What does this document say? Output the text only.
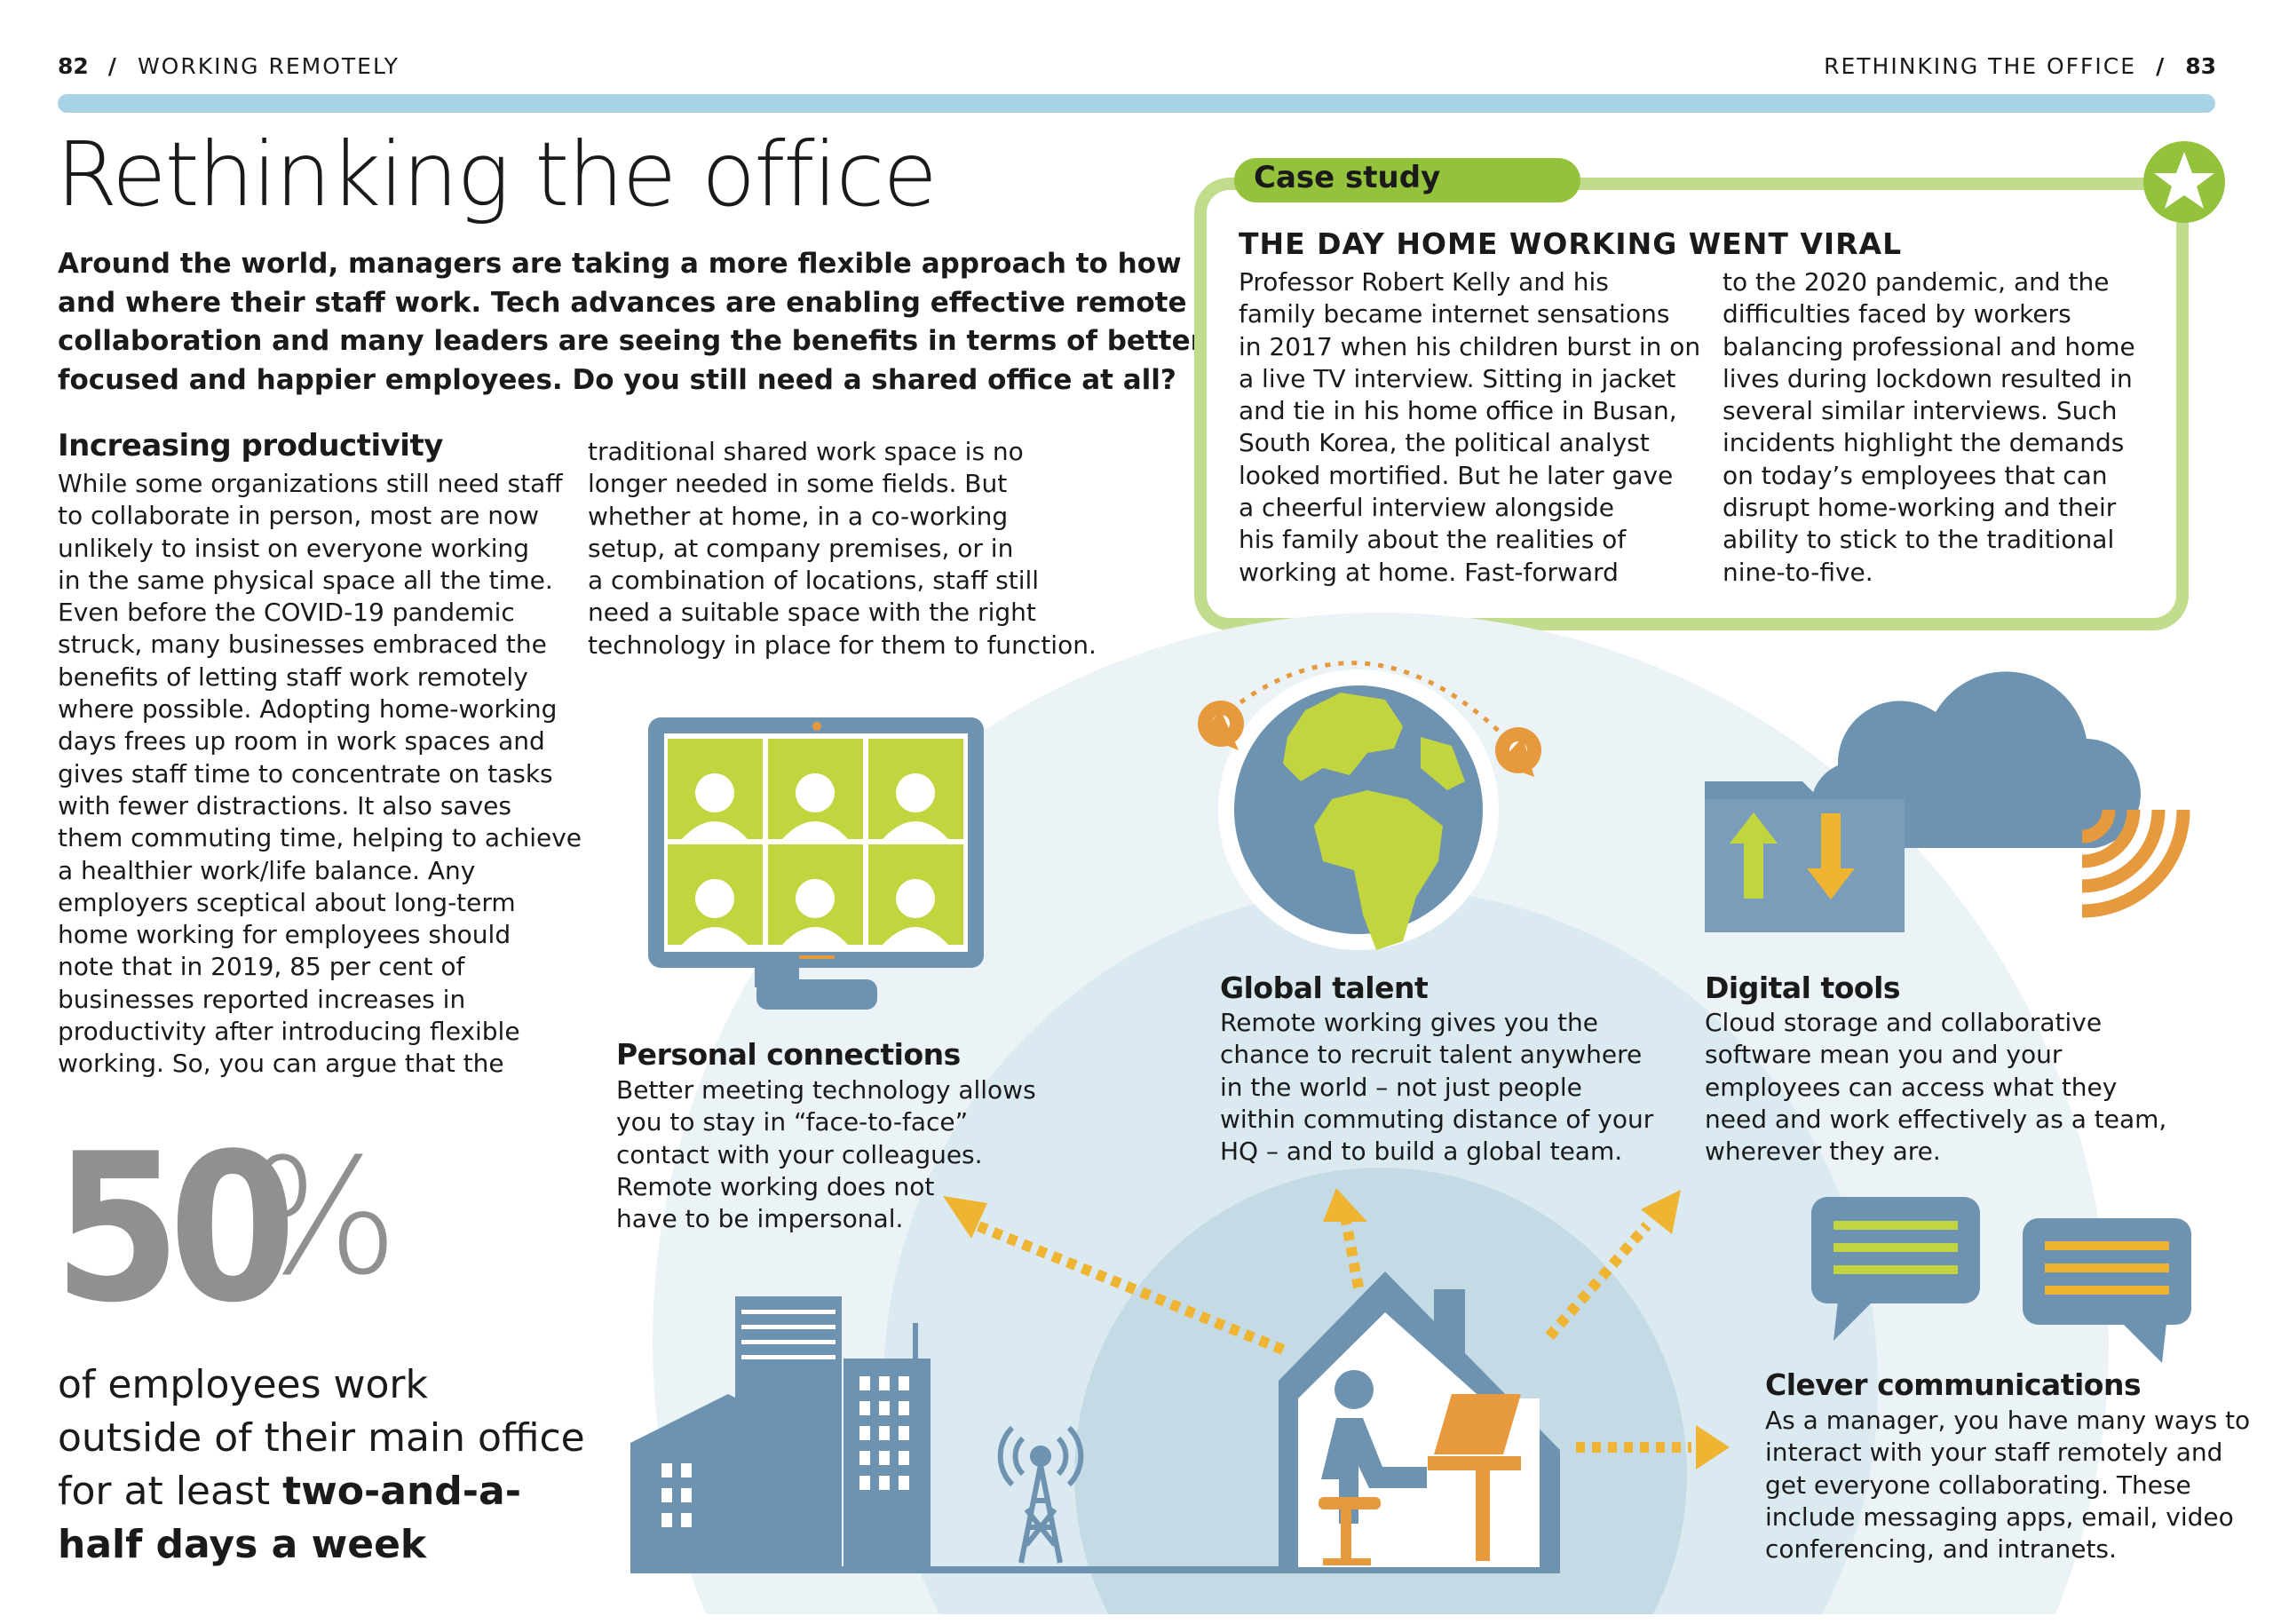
82 / WORKING REMOTELY	RETHINKING THE OFFICE / 83
Rethinking the office
Around the world, managers are taking a more flexible approach to how
and where their staff work. Tech advances are enabling effective remote
collaboration and many leaders are seeing the benefits in terms of better
focused and happier employees. Do you still need a shared office at all?
Increasing productivity
While some organizations still need staff
to collaborate in person, most are now
unlikely to insist on everyone working
in the same physical space all the time.
Even before the COVID-19 pandemic
struck, many businesses embraced the
benefits of letting staff work remotely
where possible. Adopting home-working
days frees up room in work spaces and
gives staff time to concentrate on tasks
with fewer distractions. It also saves
them commuting time, helping to achieve
a healthier work/life balance. Any
employers sceptical about long-term
home working for employees should
note that in 2019, 85 per cent of
businesses reported increases in
productivity after introducing flexible
working. So, you can argue that the
traditional shared work space is no
longer needed in some fields. But
whether at home, in a co-working
setup, at company premises, or in
a combination of locations, staff still
need a suitable space with the right
technology in place for them to function.
50
%
of employees work
outside of their main office
for at least two-and-a-
half days a week
Case study
THE DAY HOME WORKING WENT VIRAL
Professor Robert Kelly and his
family became internet sensations
in 2017 when his children burst in on
a live TV interview. Sitting in jacket
and tie in his home office in Busan,
South Korea, the political analyst
looked mortified. But he later gave
a cheerful interview alongside
his family about the realities of
working at home. Fast-forward
to the 2020 pandemic, and the
difficulties faced by workers
balancing professional and home
lives during lockdown resulted in
several similar interviews. Such
incidents highlight the demands
on today’s employees that can
disrupt home-working and their
ability to stick to the traditional
nine-to-five.
Personal connections
Better meeting technology allows
you to stay in “face-to-face”
contact with your colleagues.
Remote working does not
have to be impersonal.
Global talent
Remote working gives you the
chance to recruit talent anywhere
in the world – not just people
within commuting distance of your
HQ – and to build a global team.
Digital tools
Cloud storage and collaborative
software mean you and your
employees can access what they
need and work effectively as a team,
wherever they are.
Clever communications
As a manager, you have many ways to
interact with your staff remotely and
get everyone collaborating. These
include messaging apps, email, video
conferencing, and intranets.
